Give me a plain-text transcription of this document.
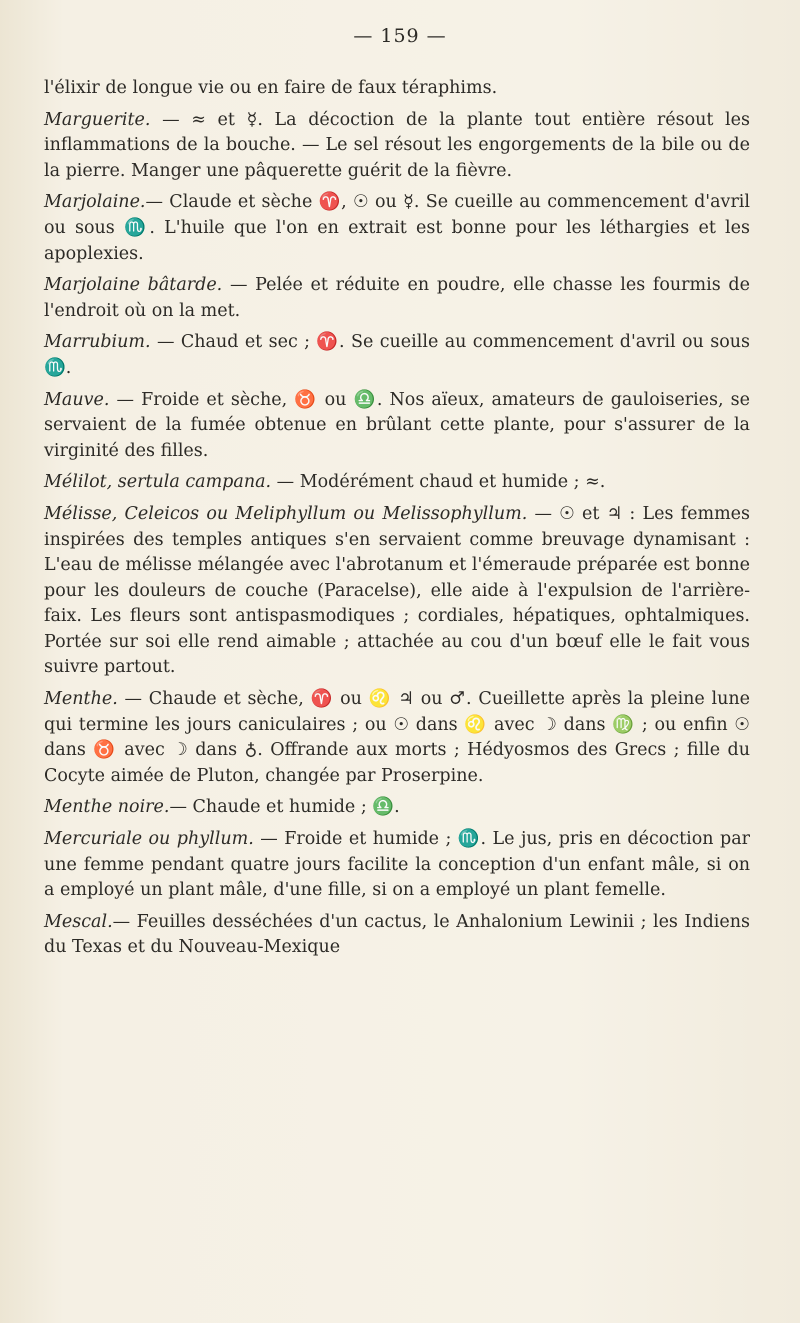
— 159 —

l'élixir de longue vie ou en faire de faux téraphims.

Marguerite. — ≈ et ☿. La décoction de la plante tout entière résout les inflammations de la bouche. — Le sel résout les engorgements de la bile ou de la pierre. Manger une pâquerette guérit de la fièvre.

Marjolaine.— Claude et sèche ♈, ☉ ou ☿. Se cueille au commencement d'avril ou sous ♏. L'huile que l'on en extrait est bonne pour les léthargies et les apoplexies.

Marjolaine bâtarde. — Pelée et réduite en poudre, elle chasse les fourmis de l'endroit où on la met.

Marrubium. — Chaud et sec ; ♈. Se cueille au commencement d'avril ou sous ♏.

Mauve. — Froide et sèche, ♉ ou ♎. Nos aïeux, amateurs de gauloiseries, se servaient de la fumée obtenue en brûlant cette plante, pour s'assurer de la virginité des filles.

Mélilot, sertula campana. — Modérément chaud et humide ; ≈.

Mélisse, Celeicos ou Meliphyllum ou Melissophyllum. — ☉ et ♃ : Les femmes inspirées des temples antiques s'en servaient comme breuvage dynamisant : L'eau de mélisse mélangée avec l'abrotanum et l'émeraude préparée est bonne pour les douleurs de couche (Paracelse), elle aide à l'expulsion de l'arrière-faix. Les fleurs sont antispasmodiques ; cordiales, hépatiques, ophtalmiques. Portée sur soi elle rend aimable ; attachée au cou d'un bœuf elle le fait vous suivre partout.

Menthe. — Chaude et sèche, ♈ ou ♌ ♃ ou ♂. Cueillette après la pleine lune qui termine les jours caniculaires ; ou ☉ dans ♌ avec ☽ dans ♍ ; ou enfin ☉ dans ♉ avec ☽ dans ♁. Offrande aux morts ; Hédyosmos des Grecs ; fille du Cocyte aimée de Pluton, changée par Proserpine.

Menthe noire.— Chaude et humide ; ♎.

Mercuriale ou phyllum. — Froide et humide ; ♏. Le jus, pris en décoction par une femme pendant quatre jours facilite la conception d'un enfant mâle, si on a employé un plant mâle, d'une fille, si on a employé un plant femelle.

Mescal.— Feuilles desséchées d'un cactus, le Anhalonium Lewinii ; les Indiens du Texas et du Nouveau-Mexique
